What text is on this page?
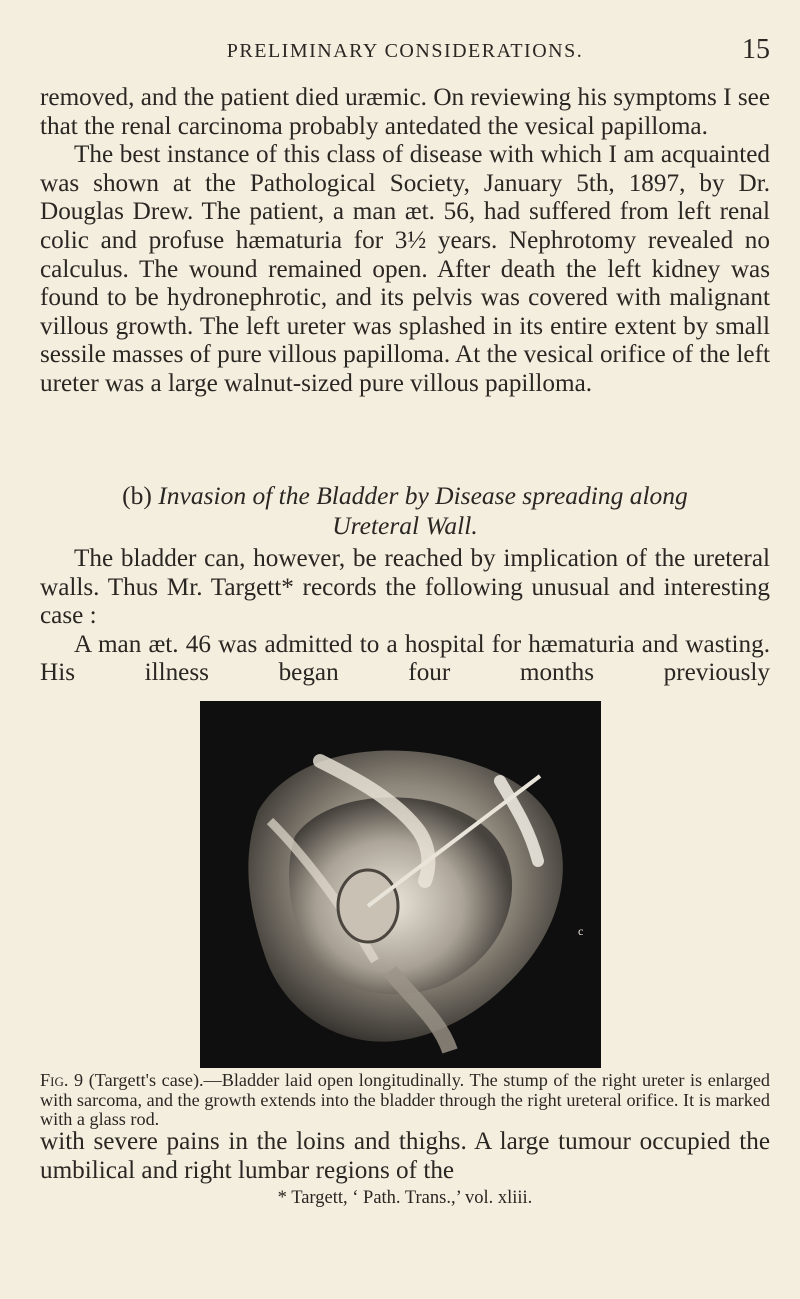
PRELIMINARY CONSIDERATIONS.	15

removed, and the patient died uræmic. On reviewing his symptoms I see that the renal carcinoma probably antedated the vesical papilloma.

The best instance of this class of disease with which I am acquainted was shown at the Pathological Society, January 5th, 1897, by Dr. Douglas Drew. The patient, a man æt. 56, had suffered from left renal colic and profuse hæmaturia for 3½ years. Nephrotomy revealed no calculus. The wound remained open. After death the left kidney was found to be hydronephrotic, and its pelvis was covered with malignant villous growth. The left ureter was splashed in its entire extent by small sessile masses of pure villous papilloma. At the vesical orifice of the left ureter was a large walnut-sized pure villous papilloma.

(b) Invasion of the Bladder by Disease spreading along
Ureteral Wall.

The bladder can, however, be reached by implication of the ureteral walls. Thus Mr. Targett* records the following unusual and interesting case :

A man æt. 46 was admitted to a hospital for hæmaturia and wasting. His illness began four months previously

c
Fig. 9 (Targett's case).—Bladder laid open longitudinally. The stump of the right ureter is enlarged with sarcoma, and the growth extends into the bladder through the right ureteral orifice. It is marked with a glass rod.

with severe pains in the loins and thighs. A large tumour occupied the umbilical and right lumbar regions of the

* Targett, ‘ Path. Trans.,’ vol. xliii.
